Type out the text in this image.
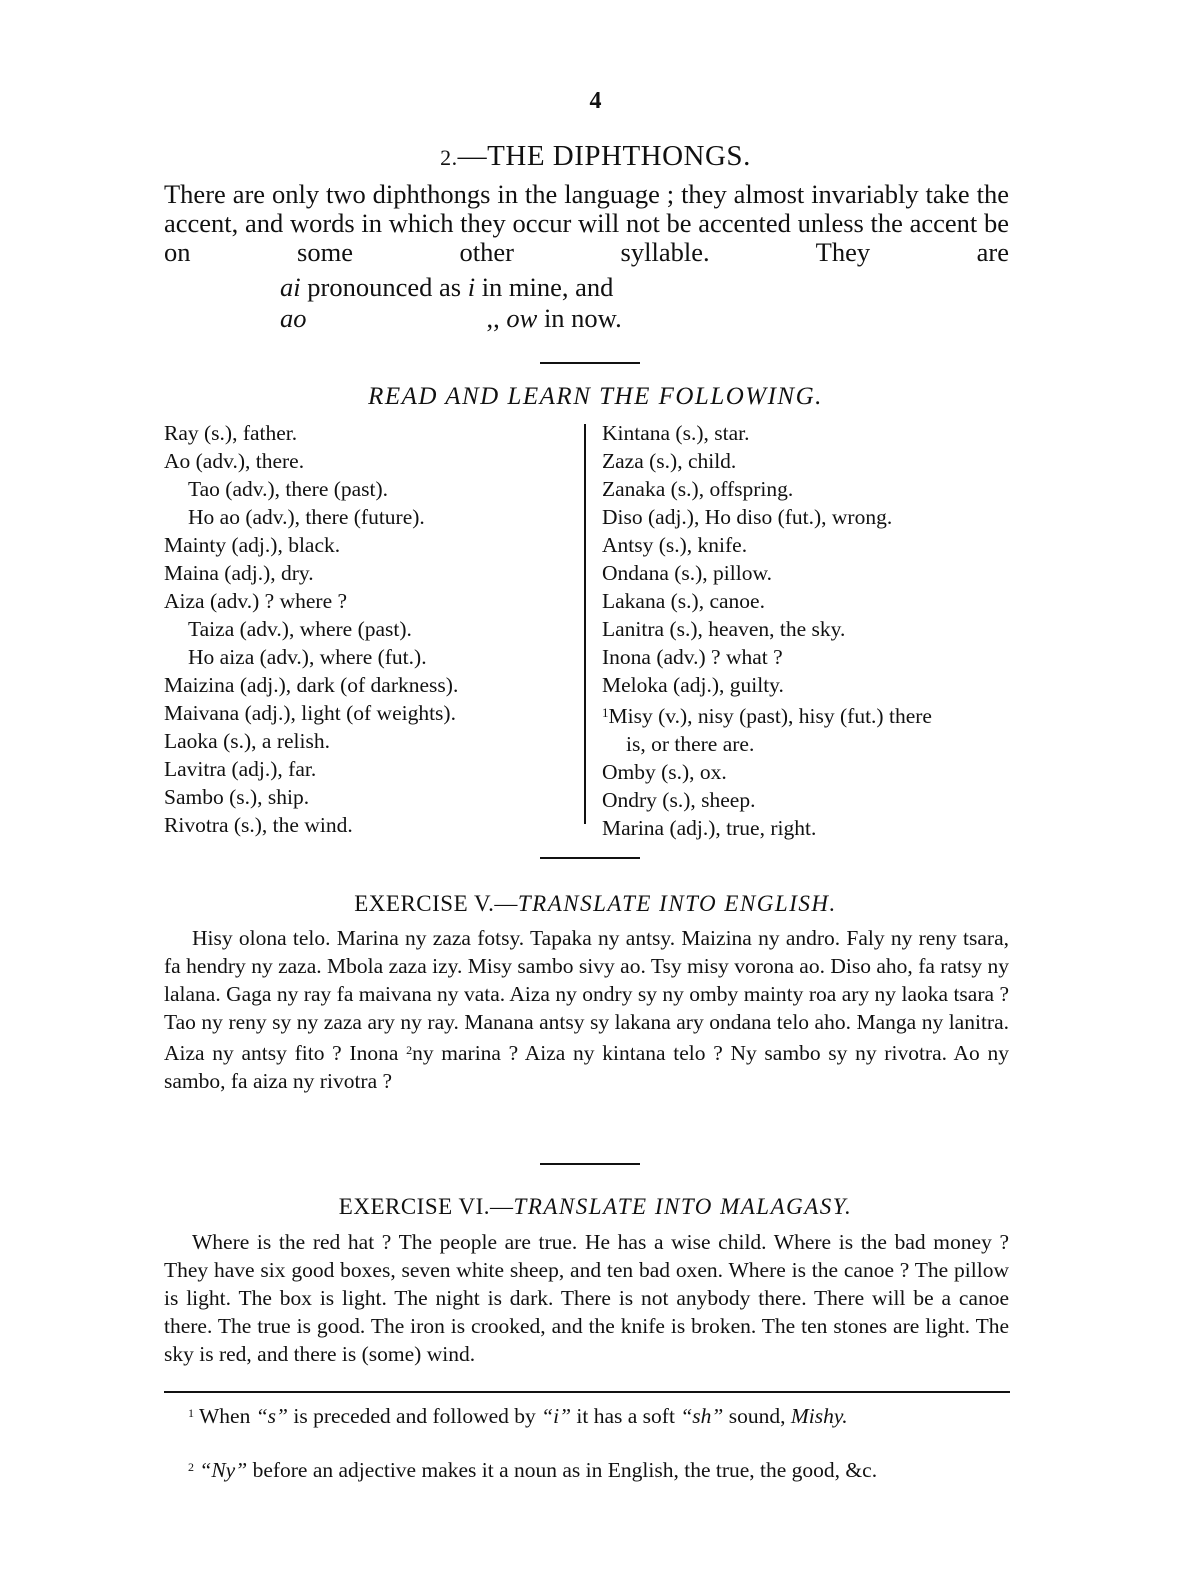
4
2.—THE DIPHTHONGS.

There are only two diphthongs in the language ; they almost invariably take the accent, and words in which they occur will not be accented unless the accent be on some other syllable. They are

ai pronounced as i in mine, and
ao	,, ow in now.
READ AND LEARN THE FOLLOWING.
Ray (s.), father.
Ao (adv.), there.
Tao (adv.), there (past).
Ho ao (adv.), there (future).
Mainty (adj.), black.
Maina (adj.), dry.
Aiza (adv.) ? where ?
Taiza (adv.), where (past).
Ho aiza (adv.), where (fut.).
Maizina (adj.), dark (of darkness).
Maivana (adj.), light (of weights).
Laoka (s.), a relish.
Lavitra (adj.), far.
Sambo (s.), ship.
Rivotra (s.), the wind.
Kintana (s.), star.
Zaza (s.), child.
Zanaka (s.), offspring.
Diso (adj.), Ho diso (fut.), wrong.
Antsy (s.), knife.
Ondana (s.), pillow.
Lakana (s.), canoe.
Lanitra (s.), heaven, the sky.
Inona (adv.) ? what ?
Meloka (adj.), guilty.
$^1$Misy (v.), nisy (past), hisy (fut.) there
is, or there are.
Omby (s.), ox.
Ondry (s.), sheep.
Marina (adj.), true, right.
EXERCISE V.—TRANSLATE INTO ENGLISH.

Hisy olona telo. Marina ny zaza fotsy. Tapaka ny antsy. Maizina ny andro. Faly ny reny tsara, fa hendry ny zaza. Mbola zaza izy. Misy sambo sivy ao. Tsy misy vorona ao. Diso aho, fa ratsy ny lalana. Gaga ny ray fa maivana ny vata. Aiza ny ondry sy ny omby mainty roa ary ny laoka tsara ? Tao ny reny sy ny zaza ary ny ray. Manana antsy sy lakana ary ondana telo aho. Manga ny lanitra. Aiza ny antsy fito ? Inona $^2$ny marina ? Aiza ny kintana telo ? Ny sambo sy ny rivotra. Ao ny sambo, fa aiza ny rivotra ?

EXERCISE VI.—TRANSLATE INTO MALAGASY.

Where is the red hat ? The people are true. He has a wise child. Where is the bad money ? They have six good boxes, seven white sheep, and ten bad oxen. Where is the canoe ? The pillow is light. The box is light. The night is dark. There is not anybody there. There will be a canoe there. The true is good. The iron is crooked, and the knife is broken. The ten stones are light. The sky is red, and there is (some) wind.

$^1$ When “s” is preceded and followed by “i” it has a soft “sh” sound, Mishy.

$^2$ “Ny” before an adjective makes it a noun as in English, the true, the good, &c.
